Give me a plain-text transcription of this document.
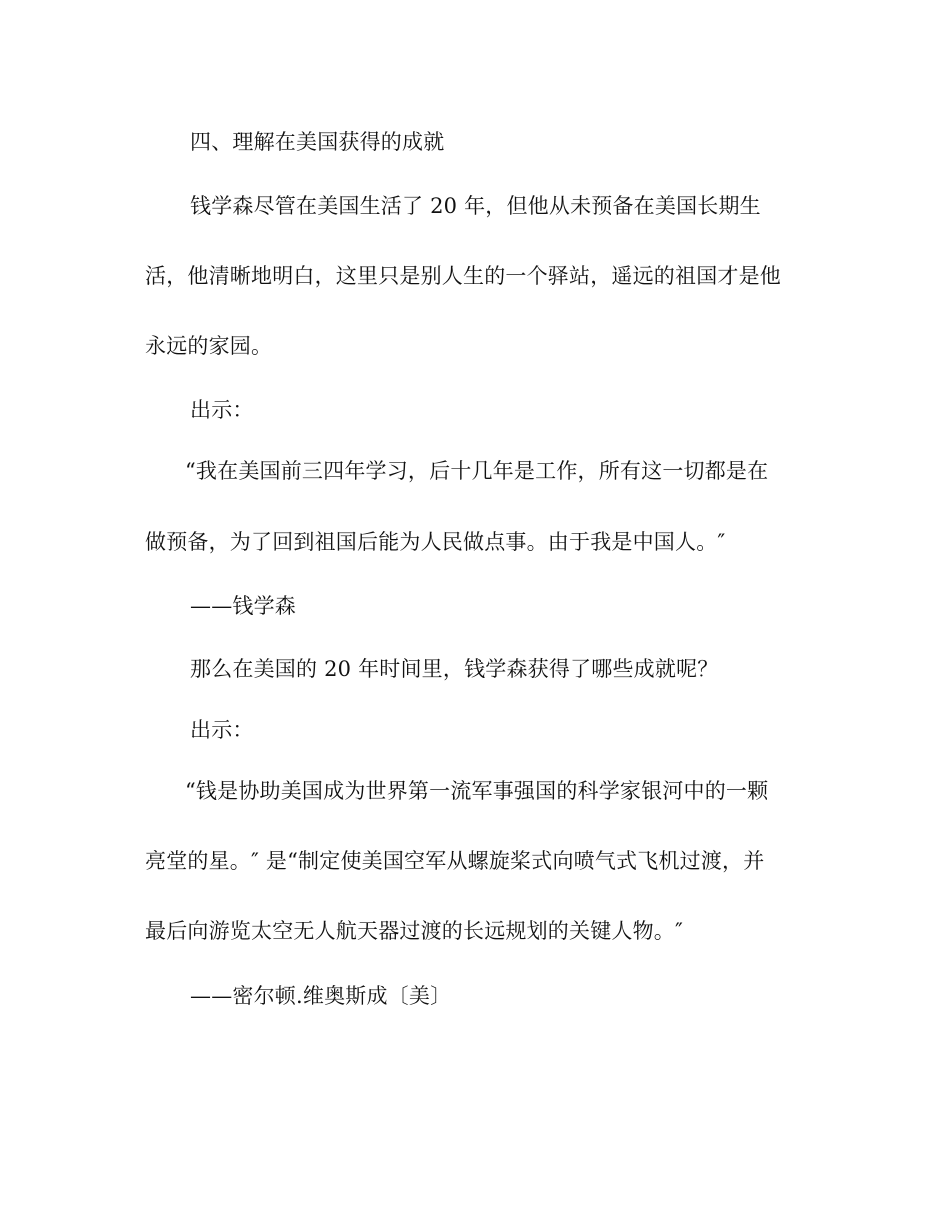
四、理解在美国获得的成就
钱学森尽管在美国生活了 20 年，但他从未预备在美国长期生
活，他清晰地明白，这里只是别人生的一个驿站，遥远的祖国才是他
永远的家园。
出示：
“我在美国前三四年学习，后十几年是工作，所有这一切都是在
做预备，为了回到祖国后能为人民做点事。由于我是中国人。″
——钱学森
那么在美国的 20 年时间里，钱学森获得了哪些成就呢？
出示：
“钱是协助美国成为世界第一流军事强国的科学家银河中的一颗
亮堂的星。″ 是“制定使美国空军从螺旋桨式向喷气式飞机过渡，并
最后向游览太空无人航天器过渡的长远规划的关键人物。″
——密尔顿.维奥斯成〔美〕
